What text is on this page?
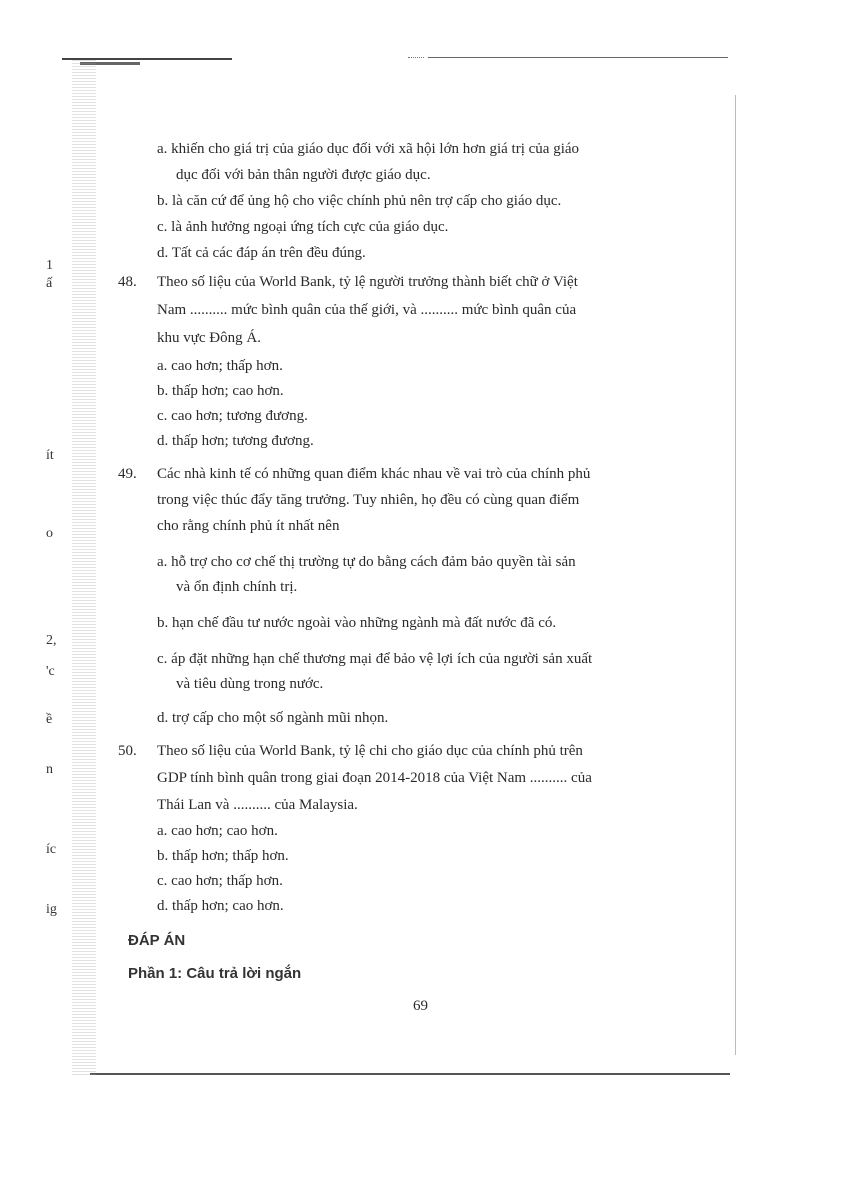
1
ấ
ít
o
2,
'c
ề
n
íc
ig
a. khiến cho giá trị của giáo dục đối với xã hội lớn hơn giá trị của giáo
dục đối với bản thân người được giáo dục.
b. là căn cứ để ủng hộ cho việc chính phủ nên trợ cấp cho giáo dục.
c. là ảnh hưởng ngoại ứng tích cực của giáo dục.
d. Tất cả các đáp án trên đều đúng.
48. Theo số liệu của World Bank, tỷ lệ người trưởng thành biết chữ ở Việt
Nam .......... mức bình quân của thế giới, và .......... mức bình quân của
khu vực Đông Á.
a. cao hơn; thấp hơn.
b. thấp hơn; cao hơn.
c. cao hơn; tương đương.
d. thấp hơn; tương đương.
49. Các nhà kinh tế có những quan điểm khác nhau về vai trò của chính phủ
trong việc thúc đẩy tăng trưởng. Tuy nhiên, họ đều có cùng quan điểm
cho rằng chính phủ ít nhất nên
a. hỗ trợ cho cơ chế thị trường tự do bằng cách đảm bảo quyền tài sản
và ổn định chính trị.
b. hạn chế đầu tư nước ngoài vào những ngành mà đất nước đã có.
c. áp đặt những hạn chế thương mại để bảo vệ lợi ích của người sản xuất
và tiêu dùng trong nước.
d. trợ cấp cho một số ngành mũi nhọn.
50. Theo số liệu của World Bank, tỷ lệ chi cho giáo dục của chính phủ trên
GDP tính bình quân trong giai đoạn 2014-2018 của Việt Nam .......... của
Thái Lan và .......... của Malaysia.
a. cao hơn; cao hơn.
b. thấp hơn; thấp hơn.
c. cao hơn; thấp hơn.
d. thấp hơn; cao hơn.
ĐÁP ÁN
Phần 1: Câu trả lời ngắn
69
